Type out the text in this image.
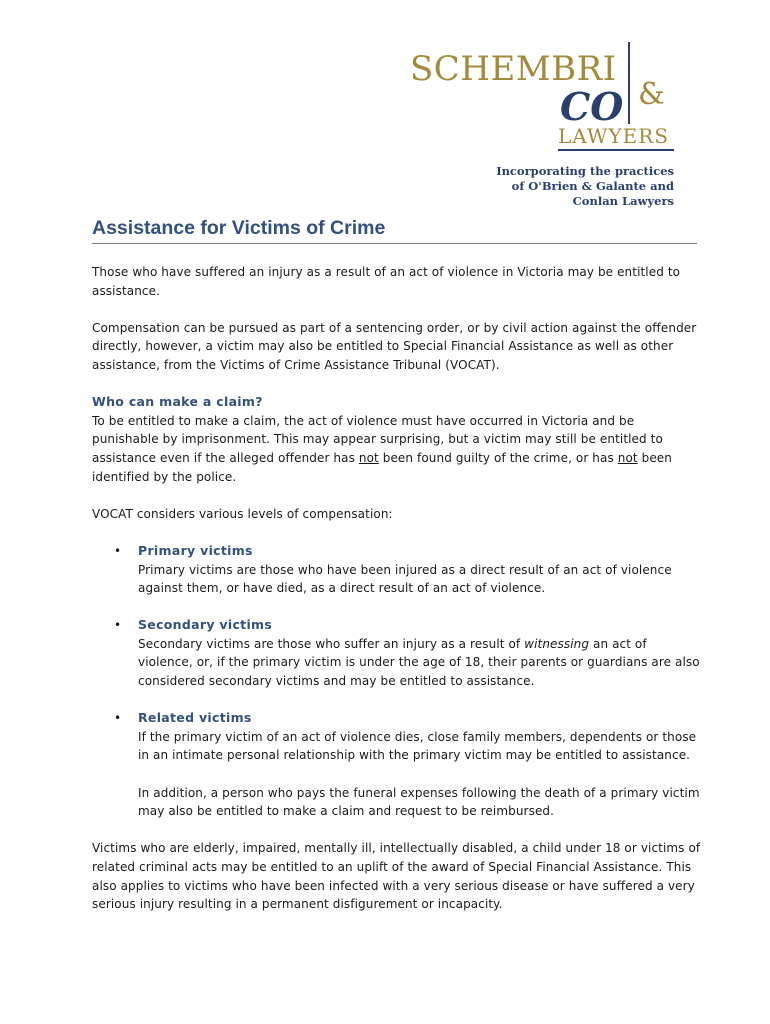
SCHEMBRI
&
CO
LAWYERS
Incorporating the practices
of O'Brien & Galante and
Conlan Lawyers
Assistance for Victims of Crime

Those who have suffered an injury as a result of an act of violence in Victoria may be entitled to assistance.

Compensation can be pursued as part of a sentencing order, or by civil action against the offender directly, however, a victim may also be entitled to Special Financial Assistance as well as other assistance, from the Victims of Crime Assistance Tribunal (VOCAT).

Who can make a claim?

To be entitled to make a claim, the act of violence must have occurred in Victoria and be punishable by imprisonment. This may appear surprising, but a victim may still be entitled to assistance even if the alleged offender has not been found guilty of the crime, or has not been identified by the police.

VOCAT considers various levels of compensation:

• Primary victims

Primary victims are those who have been injured as a direct result of an act of violence against them, or have died, as a direct result of an act of violence.

• Secondary victims

Secondary victims are those who suffer an injury as a result of witnessing an act of violence, or, if the primary victim is under the age of 18, their parents or guardians are also considered secondary victims and may be entitled to assistance.

• Related victims

If the primary victim of an act of violence dies, close family members, dependents or those in an intimate personal relationship with the primary victim may be entitled to assistance.

In addition, a person who pays the funeral expenses following the death of a primary victim may also be entitled to make a claim and request to be reimbursed.

Victims who are elderly, impaired, mentally ill, intellectually disabled, a child under 18 or victims of related criminal acts may be entitled to an uplift of the award of Special Financial Assistance. This also applies to victims who have been infected with a very serious disease or have suffered a very serious injury resulting in a permanent disfigurement or incapacity.
